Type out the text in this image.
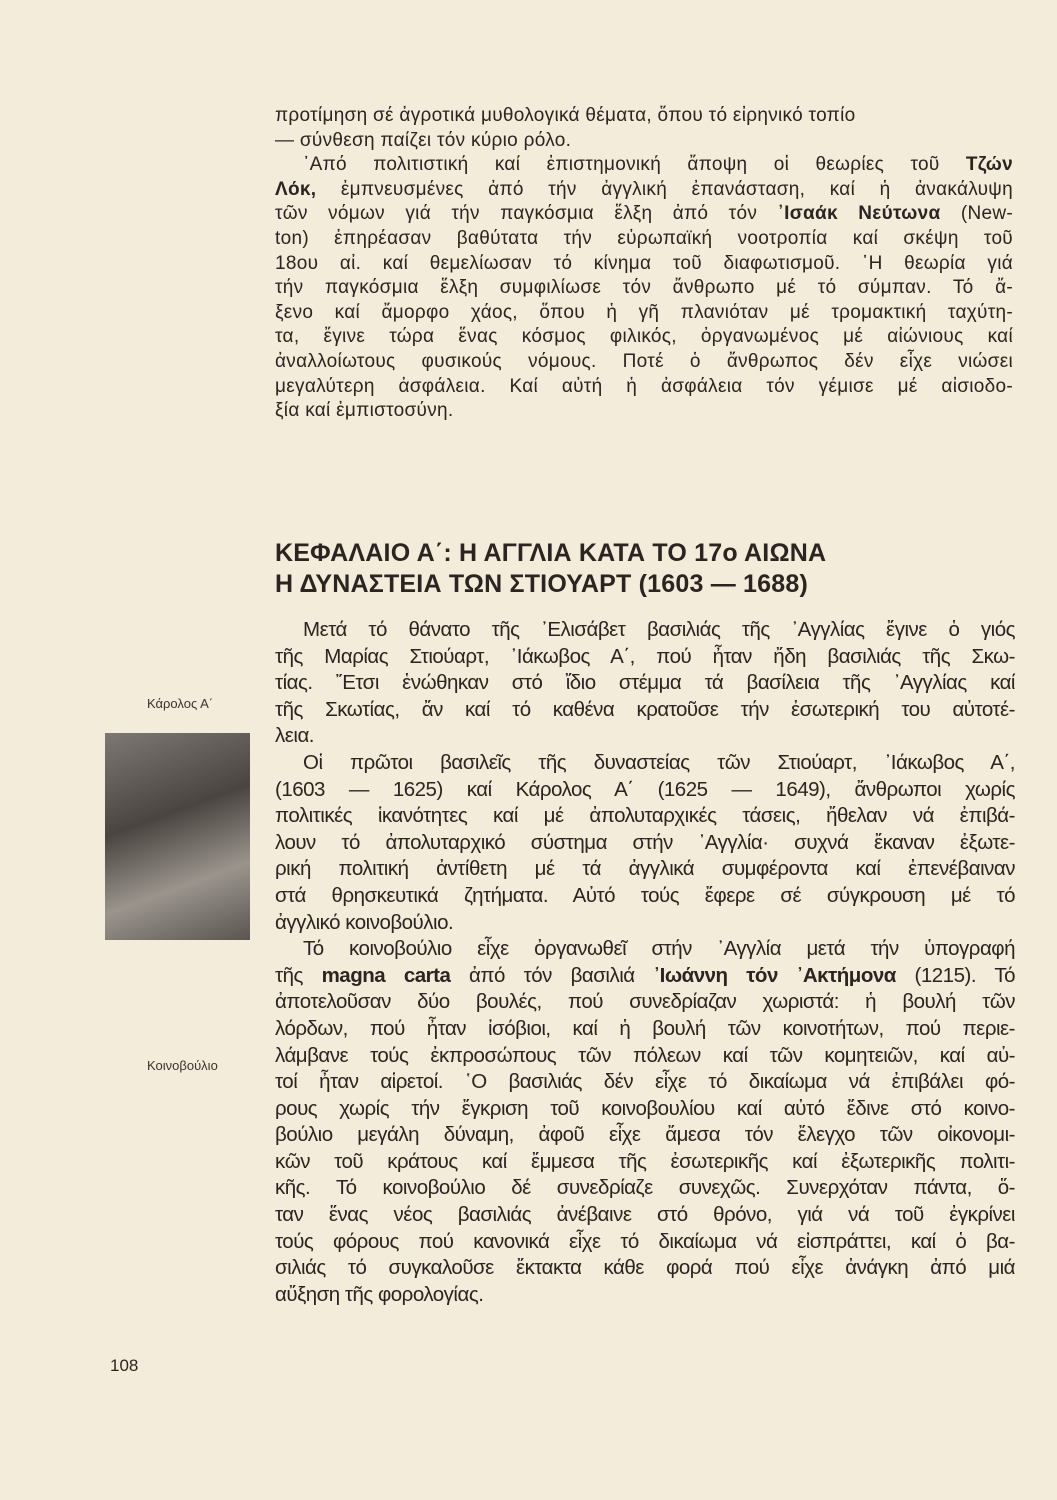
προτίμηση σέ ἀγροτικά μυθολογικά θέματα, ὅπου τό εἰρηνικό τοπίο
— σύνθεση παίζει τόν κύριο ρόλο.
᾿Από πολιτιστική καί ἐπιστημονική ἄποψη οἱ θεωρίες τοῦ Τζών
Λόκ, ἐμπνευσμένες ἀπό τήν ἀγγλική ἐπανάσταση, καί ἡ ἀνακάλυψη
τῶν νόμων γιά τήν παγκόσμια ἕλξη ἀπό τόν ᾿Ισαάκ Νεύτωνα (New-
ton) ἐπηρέασαν βαθύτατα τήν εὐρωπαϊκή νοοτροπία καί σκέψη τοῦ
18ου αἰ. καί θεμελίωσαν τό κίνημα τοῦ διαφωτισμοῦ. ῾Η θεωρία γιά
τήν παγκόσμια ἕλξη συμφιλίωσε τόν ἄνθρωπο μέ τό σύμπαν. Τό ἄ-
ξενο καί ἄμορφο χάος, ὅπου ἡ γῆ πλανιόταν μέ τρομακτική ταχύτη-
τα, ἔγινε τώρα ἕνας κόσμος φιλικός, ὀργανωμένος μέ αἰώνιους καί
ἀναλλοίωτους φυσικούς νόμους. Ποτέ ὁ ἄνθρωπος δέν εἶχε νιώσει
μεγαλύτερη ἀσφάλεια. Καί αὐτή ἡ ἀσφάλεια τόν γέμισε μέ αἰσιοδο-
ξία καί ἐμπιστοσύνη.
ΚΕΦΑΛΑΙΟ Α΄: Η ΑΓΓΛΙΑ ΚΑΤΑ ΤΟ 17ο ΑΙΩΝΑ
Η ΔΥΝΑΣΤΕΙΑ ΤΩΝ ΣΤΙΟΥΑΡΤ (1603 — 1688)
Μετά τό θάνατο τῆς ᾿Ελισάβετ βασιλιάς τῆς ᾿Αγγλίας ἔγινε ὁ γιός
τῆς Μαρίας Στιούαρτ, ᾿Ιάκωβος Α΄, πού ἦταν ἤδη βασιλιάς τῆς Σκω-
τίας. ῎Ετσι ἑνώθηκαν στό ἴδιο στέμμα τά βασίλεια τῆς ᾿Αγγλίας καί
τῆς Σκωτίας, ἄν καί τό καθένα κρατοῦσε τήν ἐσωτερική του αὐτοτέ-
λεια.
Οἱ πρῶτοι βασιλεῖς τῆς δυναστείας τῶν Στιούαρτ, ᾿Ιάκωβος Α΄,
(1603 — 1625) καί Κάρολος Α΄ (1625 — 1649), ἄνθρωποι χωρίς
πολιτικές ἱκανότητες καί μέ ἀπολυταρχικές τάσεις, ἤθελαν νά ἐπιβά-
λουν τό ἀπολυταρχικό σύστημα στήν ᾿Αγγλία· συχνά ἔκαναν ἐξωτε-
ρική πολιτική ἀντίθετη μέ τά ἀγγλικά συμφέροντα καί ἐπενέβαιναν
στά θρησκευτικά ζητήματα. Αὐτό τούς ἔφερε σέ σύγκρουση μέ τό
ἀγγλικό κοινοβούλιο.
Τό κοινοβούλιο εἶχε ὀργανωθεῖ στήν ᾿Αγγλία μετά τήν ὑπογραφή
τῆς magna carta ἀπό τόν βασιλιά ᾿Ιωάννη τόν ᾿Ακτήμονα (1215). Τό
ἀποτελοῦσαν δύο βουλές, πού συνεδρίαζαν χωριστά: ἡ βουλή τῶν
λόρδων, πού ἦταν ἰσόβιοι, καί ἡ βουλή τῶν κοινοτήτων, πού περιε-
λάμβανε τούς ἐκπροσώπους τῶν πόλεων καί τῶν κομητειῶν, καί αὐ-
τοί ἦταν αἱρετοί. ῾Ο βασιλιάς δέν εἶχε τό δικαίωμα νά ἐπιβάλει φό-
ρους χωρίς τήν ἔγκριση τοῦ κοινοβουλίου καί αὐτό ἔδινε στό κοινο-
βούλιο μεγάλη δύναμη, ἀφοῦ εἶχε ἄμεσα τόν ἔλεγχο τῶν οἰκονομι-
κῶν τοῦ κράτους καί ἔμμεσα τῆς ἐσωτερικῆς καί ἐξωτερικῆς πολιτι-
κῆς. Τό κοινοβούλιο δέ συνεδρίαζε συνεχῶς. Συνερχόταν πάντα, ὅ-
ταν ἕνας νέος βασιλιάς ἀνέβαινε στό θρόνο, γιά νά τοῦ ἐγκρίνει
τούς φόρους πού κανονικά εἶχε τό δικαίωμα νά εἰσπράττει, καί ὁ βα-
σιλιάς τό συγκαλοῦσε ἔκτακτα κάθε φορά πού εἶχε ἀνάγκη ἀπό μιά
αὔξηση τῆς φορολογίας.
Κάρολος Α΄
Κοινοβούλιο
108
